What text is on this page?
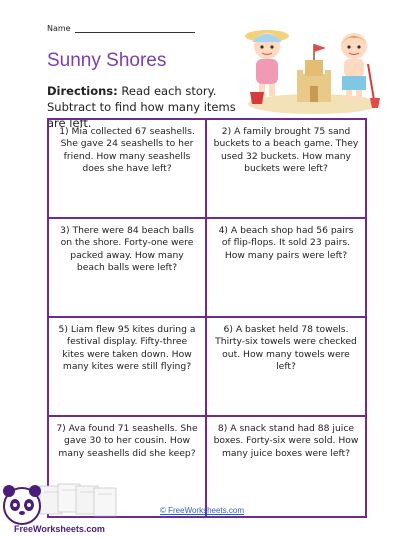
Name
Sunny Shores
Directions: Read each story. Subtract to find how many items are left.
1) Mia collected 67 seashells. She gave 24 seashells to her friend. How many seashells does she have left?
2) A family brought 75 sand buckets to a beach game. They used 32 buckets. How many buckets were left?
3) There were 84 beach balls on the shore. Forty-one were packed away. How many beach balls were left?
4) A beach shop had 56 pairs of flip-flops. It sold 23 pairs. How many pairs were left?
5) Liam flew 95 kites during a festival display. Fifty-three kites were taken down. How many kites were still flying?
6) A basket held 78 towels. Thirty-six towels were checked out. How many towels were left?
7) Ava found 71 seashells. She gave 30 to her cousin. How many seashells did she keep?
8) A snack stand had 88 juice boxes. Forty-six were sold. How many juice boxes were left?
FreeWorksheets.com
© FreeWorksheets.com
